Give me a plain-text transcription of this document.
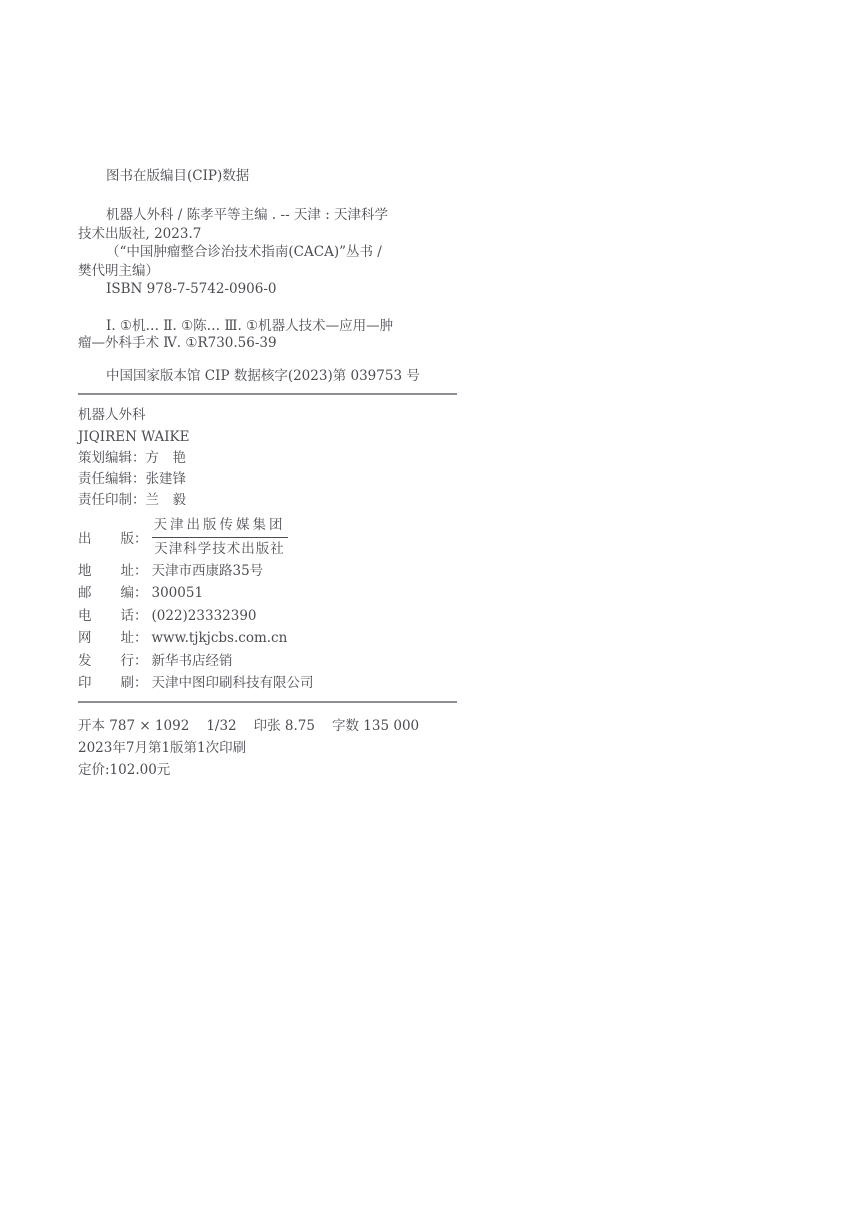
图书在版编目(CIP)数据
机器人外科 / 陈孝平等主编 . -- 天津 : 天津科学
技术出版社, 2023.7
（“中国肿瘤整合诊治技术指南(CACA)”丛书 /
樊代明主编）
ISBN 978-7-5742-0906-0
Ⅰ. ①机… Ⅱ. ①陈… Ⅲ. ①机器人技术—应用—肿
瘤—外科手术 Ⅳ. ①R730.56-39
中国国家版本馆 CIP 数据核字(2023)第 039753 号
机器人外科
JIQIREN WAIKE
策划编辑：方　艳
责任编辑：张建锋
责任印制：兰　毅
出 版 ： $\frac{\text{天津出版传媒集团}}{\text{天津科学技术出版社}}$
地 址 ： 天津市西康路35号
邮 编 ： 300051
电 话 ： (022)23332390
网 址 ： www.tjkjcbs.com.cn
发 行 ： 新华书店经销
印 刷 ： 天津中图印刷科技有限公司
开本 787 × 1092 1/32 印张 8.75 字数 135 000
2023年7月第1版第1次印刷
定价:102.00元
